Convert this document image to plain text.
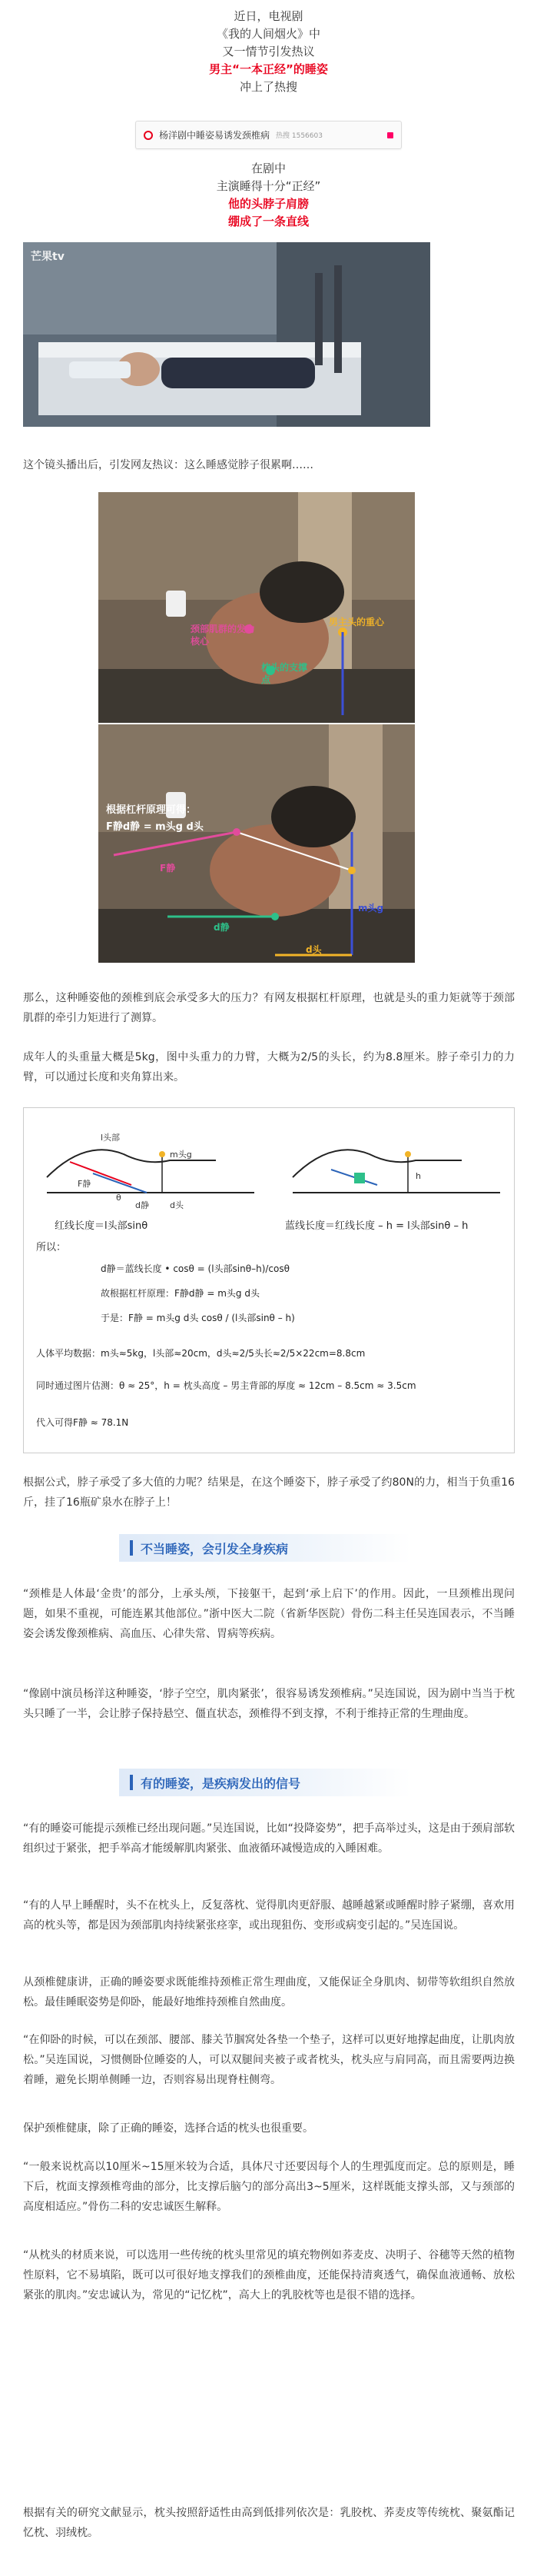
近日，电视剧

《我的人间烟火》中

又一情节引发热议

男主“一本正经”的睡姿

冲上了热搜

杨洋剧中睡姿易诱发颈椎病 热搜 1556603

在剧中

主演睡得十分“正经”

他的头脖子肩膀

绷成了一条直线

芒果tv

这个镜头播出后，引发网友热议：这么睡感觉脖子很累啊……

颈部肌群的发力核心
男主头的重心
枕头的支撑点
根据杠杆原理可得：
F静d静 = m头g d头
F静
d静
d头
m头g

那么，这种睡姿他的颈椎到底会承受多大的压力？有网友根据杠杆原理，也就是头的重力矩就等于颈部肌群的牵引力矩进行了测算。

成年人的头重量大概是5kg，图中头重力的力臂，大概为2/5的头长，约为8.8厘米。脖子牵引力的力臂，可以通过长度和夹角算出来。

l头部
F静
θ
d静
m头g
d头
h
红线长度＝l头部sinθ	蓝线长度＝红线长度 – h = l头部sinθ – h
所以：
d静＝蓝线长度 • cosθ = (l头部sinθ–h)/cosθ
故根据杠杆原理：F静d静 = m头g d头
于是：F静 = m头g d头 cosθ / (l头部sinθ – h)
人体平均数据：m头≈5kg，l头部≈20cm，d头≈2/5头长≈2/5×22cm=8.8cm
同时通过图片估测：θ ≈ 25°，h = 枕头高度 – 男主背部的厚度 ≈ 12cm – 8.5cm ≈ 3.5cm
代入可得F静 ≈ 78.1N

根据公式，脖子承受了多大值的力呢？结果是，在这个睡姿下，脖子承受了约80N的力，相当于负重16斤，挂了16瓶矿泉水在脖子上！

不当睡姿， 会引发全身疾病

“颈椎是人体最‘金贵’的部分，上承头颅，下接躯干，起到‘承上启下’的作用。因此，一旦颈椎出现问题，如果不重视，可能连累其他部位。”浙中医大二院（省新华医院）骨伤二科主任吴连国表示，不当睡姿会诱发像颈椎病、高血压、心律失常、胃病等疾病。

“像剧中演员杨洋这种睡姿，‘脖子空空，肌肉紧张’，很容易诱发颈椎病。”吴连国说，因为剧中当当于枕头只睡了一半，会让脖子保持悬空、僵直状态，颈椎得不到支撑，不利于维持正常的生理曲度。

有的睡姿， 是疾病发出的信号

“有的睡姿可能提示颈椎已经出现问题。”吴连国说，比如“投降姿势”，把手高举过头，这是由于颈肩部软组织过于紧张，把手举高才能缓解肌肉紧张、血液循环减慢造成的入睡困难。

“有的人早上睡醒时，头不在枕头上，反复落枕、觉得肌肉更舒服、越睡越紧或睡醒时脖子紧绷，喜欢用高的枕头等，都是因为颈部肌肉持续紧张痉挛，或出现狙伤、变形或病变引起的。”吴连国说。

从颈椎健康讲，正确的睡姿要求既能维持颈椎正常生理曲度，又能保证全身肌肉、韧带等软组织自然放松。最佳睡眠姿势是仰卧，能最好地维持颈椎自然曲度。

“在仰卧的时候，可以在颈部、腰部、膝关节腘窝处各垫一个垫子，这样可以更好地撑起曲度，让肌肉放松。”吴连国说，习惯侧卧位睡姿的人，可以双腿间夹被子或者枕头，枕头应与肩同高，而且需要两边换着睡，避免长期单侧睡一边，否则容易出现脊柱侧弯。

保护颈椎健康，除了正确的睡姿，选择合适的枕头也很重要。

“一般来说枕高以10厘米~15厘米较为合适，具体尺寸还要因每个人的生理弧度而定。总的原则是，睡下后，枕面支撑颈椎弯曲的部分，比支撑后脑勺的部分高出3~5厘米，这样既能支撑头部，又与颈部的高度相适应。”骨伤二科的安忠诚医生解释。

“从枕头的材质来说，可以选用一些传统的枕头里常见的填充物例如荞麦皮、决明子、谷穗等天然的植物性原料，它不易填陷，既可以可很好地支撑我们的颈椎曲度，还能保持清爽透气，确保血液通畅、放松紧张的肌肉。”安忠诚认为，常见的“记忆枕”，高大上的乳胶枕等也是很不错的选择。

根据有关的研究文献显示，枕头按照舒适性由高到低排列依次是：乳胶枕、荞麦皮等传统枕、聚氨酯记忆枕、羽绒枕。
